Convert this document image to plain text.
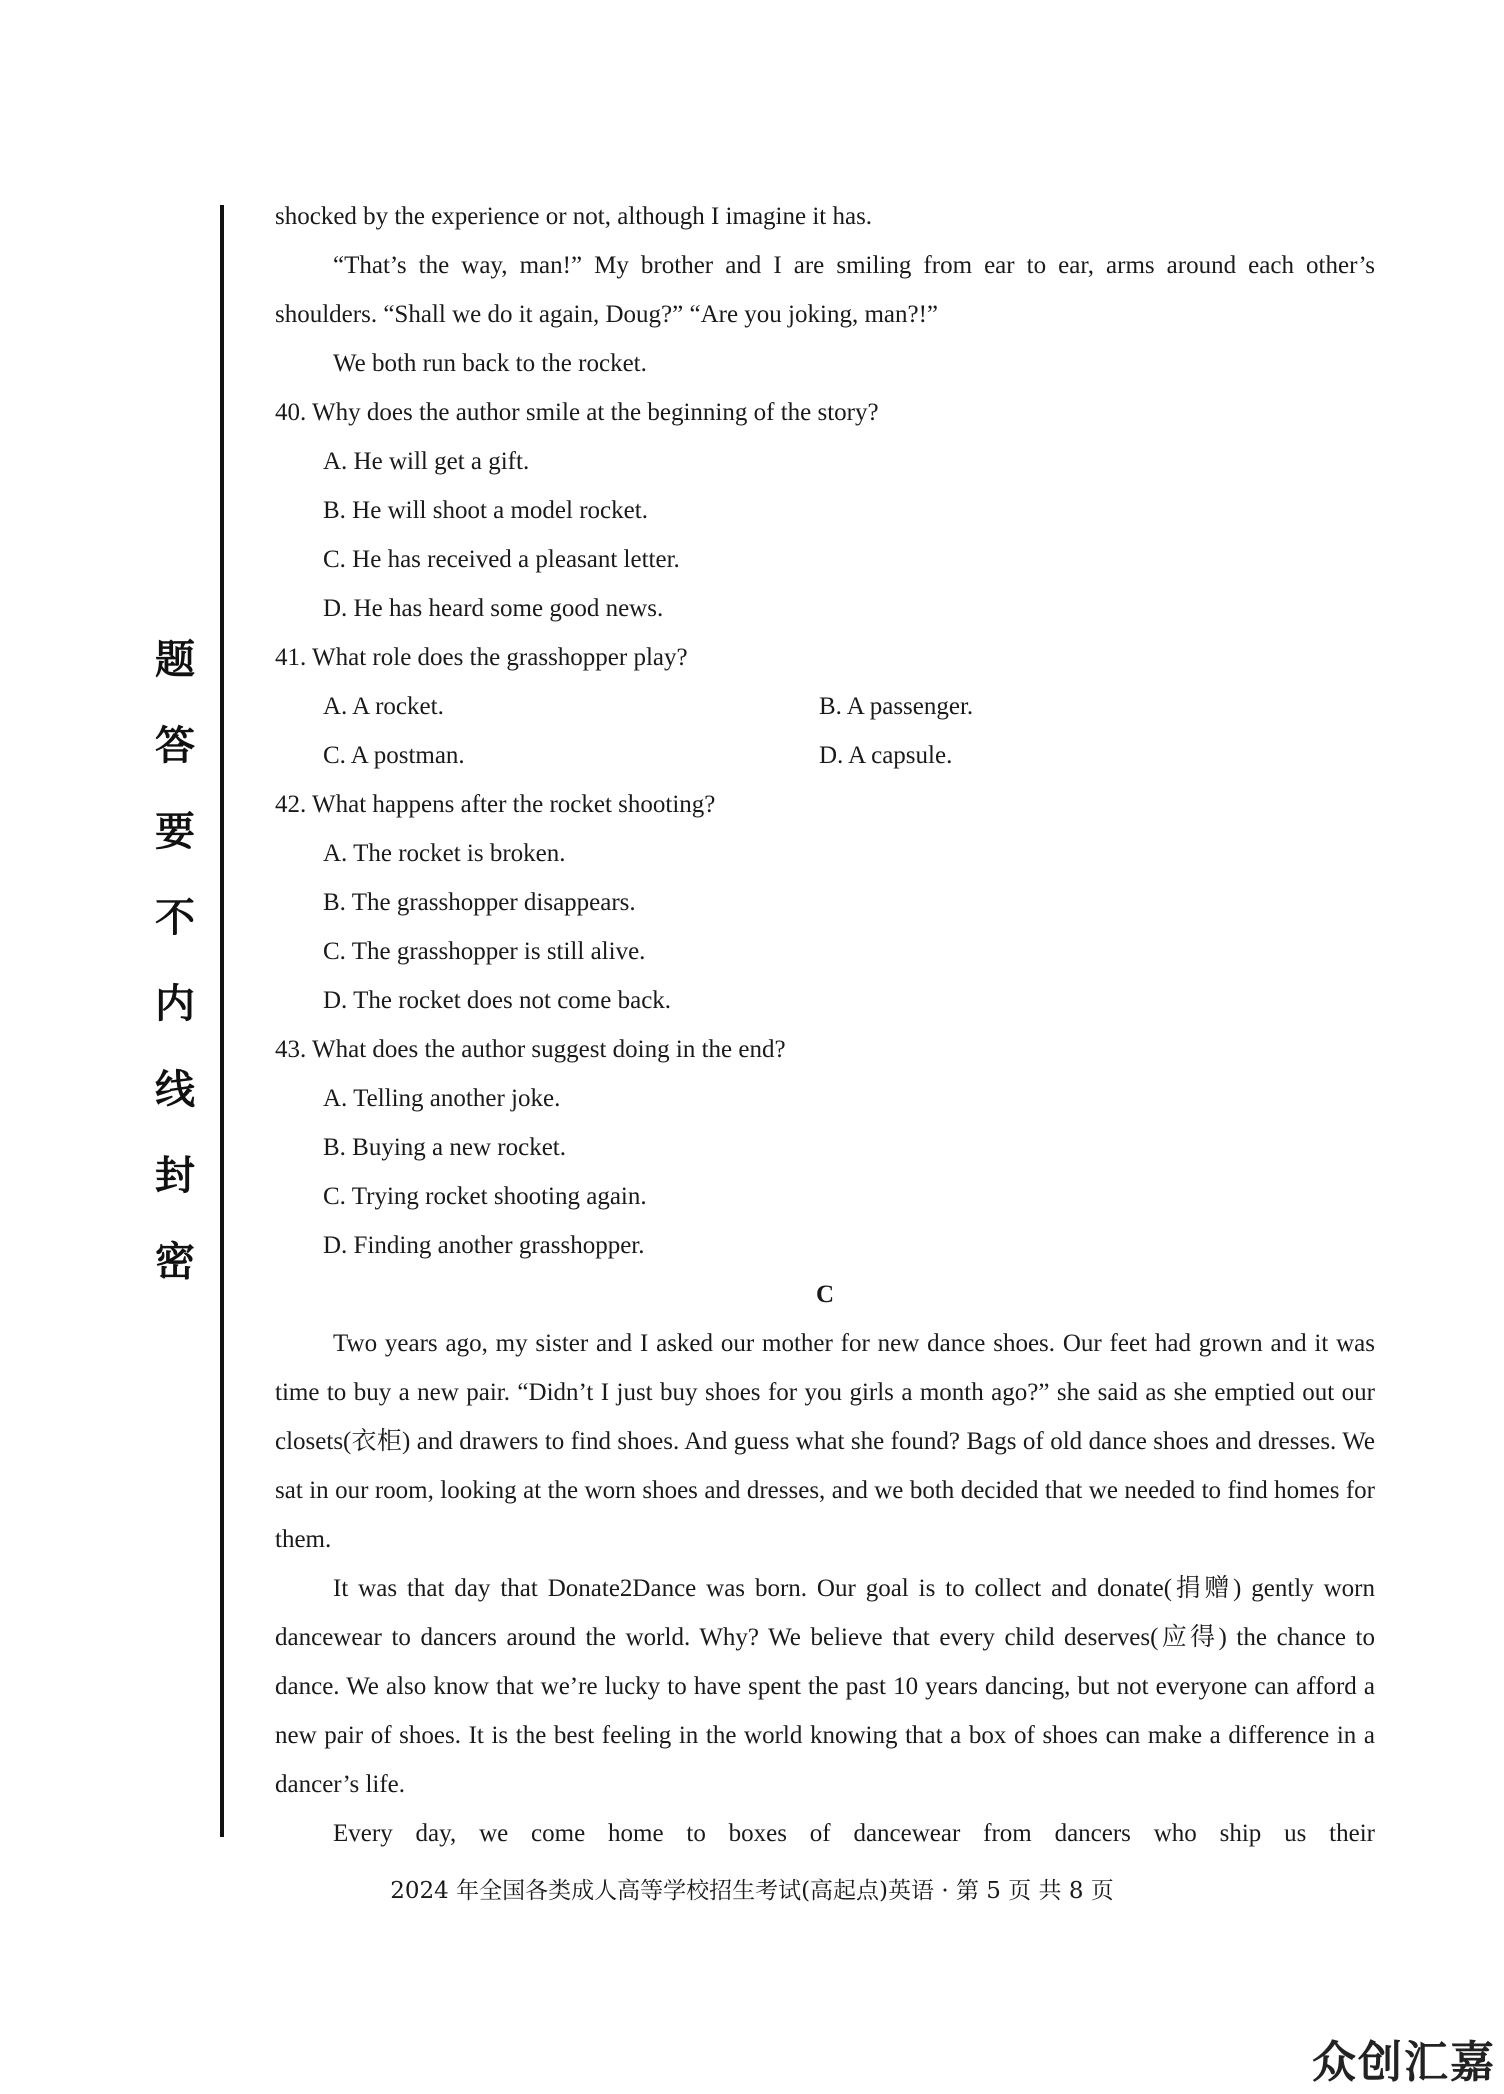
题
答
要
不
内
线
封
密
shocked by the experience or not, although I imagine it has.
“That’s the way, man!” My brother and I are smiling from ear to ear, arms around each other’s shoulders. “Shall we do it again, Doug?” “Are you joking, man?!”
We both run back to the rocket.
40. Why does the author smile at the beginning of the story?
A. He will get a gift.
B. He will shoot a model rocket.
C. He has received a pleasant letter.
D. He has heard some good news.
41. What role does the grasshopper play?
A. A rocket.	B. A passenger.
C. A postman.	D. A capsule.
42. What happens after the rocket shooting?
A. The rocket is broken.
B. The grasshopper disappears.
C. The grasshopper is still alive.
D. The rocket does not come back.
43. What does the author suggest doing in the end?
A. Telling another joke.
B. Buying a new rocket.
C. Trying rocket shooting again.
D. Finding another grasshopper.
C
Two years ago, my sister and I asked our mother for new dance shoes. Our feet had grown and it was time to buy a new pair. “Didn’t I just buy shoes for you girls a month ago?” she said as she emptied out our closets(衣柜) and drawers to find shoes. And guess what she found? Bags of old dance shoes and dresses. We sat in our room, looking at the worn shoes and dresses, and we both decided that we needed to find homes for them.
It was that day that Donate2Dance was born. Our goal is to collect and donate(捐赠) gently worn dancewear to dancers around the world. Why? We believe that every child deserves(应得) the chance to dance. We also know that we’re lucky to have spent the past 10 years dancing, but not everyone can afford a new pair of shoes. It is the best feeling in the world knowing that a box of shoes can make a difference in a dancer’s life.
Every day, we come home to boxes of dancewear from dancers who ship us their
2024 年全国各类成人高等学校招生考试(高起点)英语 · 第 5 页 共 8 页
众创汇嘉
